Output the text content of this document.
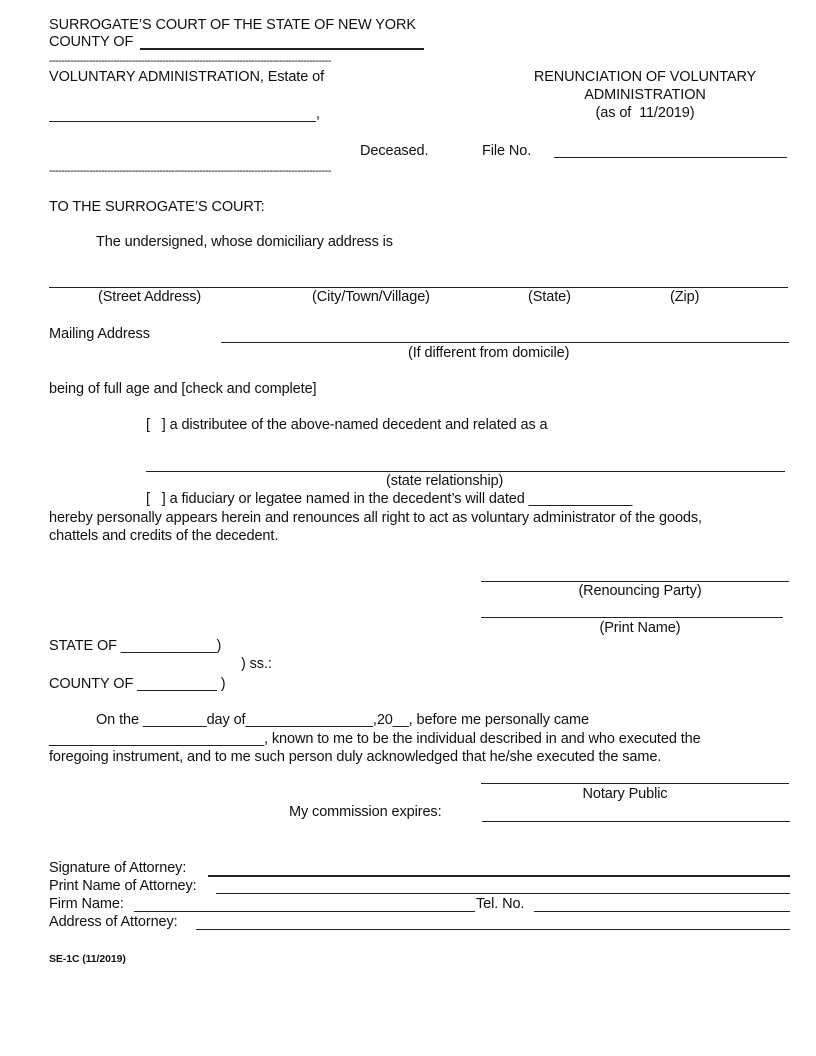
SURROGATE’S COURT OF THE STATE OF NEW YORK
COUNTY OF
--------------------------------------------------------------------------------------------
VOLUNTARY ADMINISTRATION, Estate of
,
RENUNCIATION OF VOLUNTARY
ADMINISTRATION
(as of  11/2019)
Deceased.	File No.
--------------------------------------------------------------------------------------------
TO THE SURROGATE’S COURT:
The undersigned, whose domiciliary address is
(Street Address)	(City/Town/Village)	(State)	(Zip)
Mailing Address
(If different from domicile)
being of full age and [check and complete]
[   ] a distributee of the above-named decedent and related as a
(state relationship)
[   ] a fiduciary or legatee named in the decedent’s will dated _____________
hereby personally appears herein and renounces all right to act as voluntary administrator of the goods,
chattels and credits of the decedent.
(Renouncing Party)
(Print Name)
STATE OF ____________)
) ss.:
COUNTY OF __________ )
On the ________day of________________,20__, before me personally came
___________________________, known to me to be the individual described in and who executed the
foregoing instrument, and to me such person duly acknowledged that he/she executed the same.
Notary Public
My commission expires:
Signature of Attorney:
Print Name of Attorney:
Firm Name:	Tel. No.
Address of Attorney:
SE-1C (11/2019)
